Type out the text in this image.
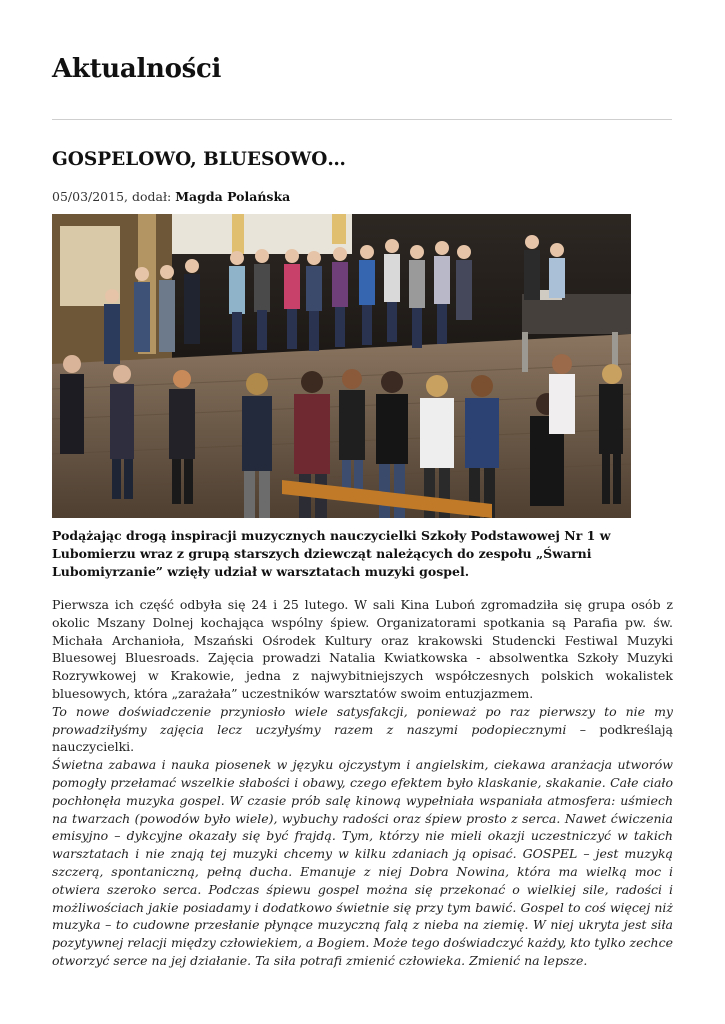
Aktualności
GOSPELOWO, BLUESOWO…
05/03/2015, dodał: Magda Polańska

Podążając drogą inspiracji muzycznych nauczycielki Szkoły Podstawowej Nr 1 w Lubomierzu wraz z grupą starszych dziewcząt należących do zespołu „Śwarni Lubomiyrzanie” wzięły udział w warsztatach muzyki gospel.

Pierwsza ich część odbyła się 24 i 25 lutego. W sali Kina Luboń zgromadziła się grupa osób z okolic Mszany Dolnej kochająca wspólny śpiew. Organizatorami spotkania są Parafia pw. św. Michała Archanioła, Mszański Ośrodek Kultury oraz krakowski Studencki Festiwal Muzyki Bluesowej Bluesroads. Zajęcia prowadzi Natalia Kwiatkowska - absolwentka Szkoły Muzyki Rozrywkowej w Krakowie, jedna z najwybitniejszych współczesnych polskich wokalistek bluesowych, która „zarażała” uczestników warsztatów swoim entuzjazmem.

To nowe doświadczenie przyniosło wiele satysfakcji, ponieważ po raz pierwszy to nie my prowadziłyśmy zajęcia lecz uczyłyśmy razem z naszymi podopiecznymi – podkreślają nauczycielki.

Świetna zabawa i nauka piosenek w języku ojczystym i angielskim, ciekawa aranżacja utworów pomogły przełamać wszelkie słabości i obawy, czego efektem było klaskanie, skakanie. Całe ciało pochłonęła muzyka gospel. W czasie prób salę kinową wypełniała wspaniała atmosfera: uśmiech na twarzach (powodów było wiele), wybuchy radości oraz śpiew prosto z serca. Nawet ćwiczenia emisyjno – dykcyjne okazały się być frajdą. Tym, którzy nie mieli okazji uczestniczyć w takich warsztatach i nie znają tej muzyki chcemy w kilku zdaniach ją opisać. GOSPEL – jest muzyką szczerą, spontaniczną, pełną ducha. Emanuje z niej Dobra Nowina, która ma wielką moc i otwiera szeroko serca. Podczas śpiewu gospel można się przekonać o wielkiej sile, radości i możliwościach jakie posiadamy i dodatkowo świetnie się przy tym bawić. Gospel to coś więcej niż muzyka – to cudowne przesłanie płynące muzyczną falą z nieba na ziemię. W niej ukryta jest siła pozytywnej relacji między człowiekiem, a Bogiem. Może tego doświadczyć każdy, kto tylko zechce otworzyć serce na jej działanie. Ta siła potrafi zmienić człowieka. Zmienić na lepsze.
